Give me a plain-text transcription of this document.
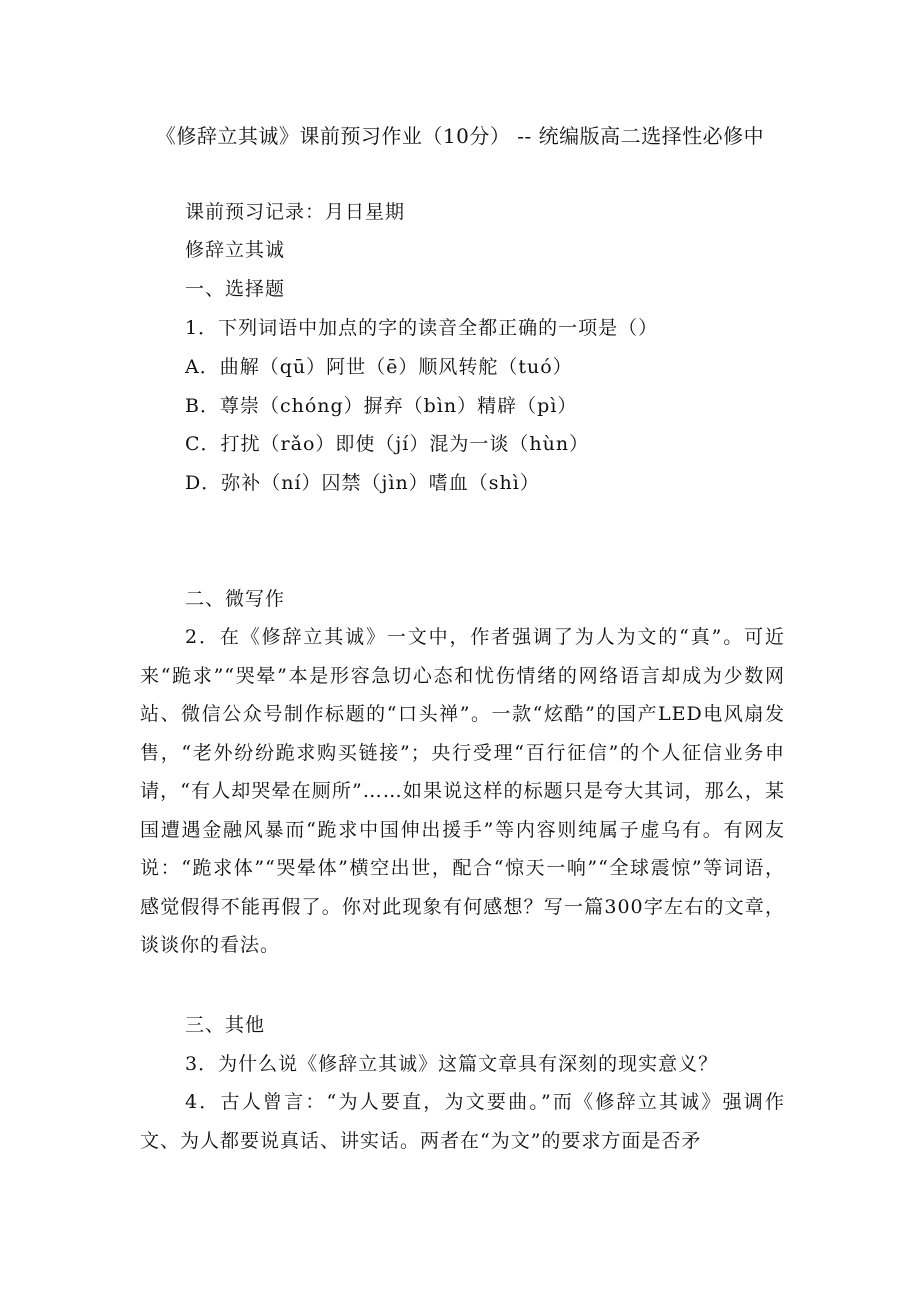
《修辞立其诚》课前预习作业（10分） -- 统编版高二选择性必修中
课前预习记录：月日星期
修辞立其诚
一、选择题
1．下列词语中加点的字的读音全都正确的一项是（）
A．曲解（qū）阿世（ē）顺风转舵（tuó）
B．尊崇（chóng）摒弃（bìn）精辟（pì）
C．打扰（rǎo）即使（jí）混为一谈（hùn）
D．弥补（ní）囚禁（jìn）嗜血（shì）
二、微写作
2．在《修辞立其诚》一文中，作者强调了为人为文的“真”。可近来“跪求”“哭晕”本是形容急切心态和忧伤情绪的网络语言却成为少数网站、微信公众号制作标题的“口头禅”。一款“炫酷”的国产LED电风扇发售，“老外纷纷跪求购买链接”；央行受理“百行征信”的个人征信业务申请，“有人却哭晕在厕所”……如果说这样的标题只是夸大其词，那么，某国遭遇金融风暴而“跪求中国伸出援手”等内容则纯属子虚乌有。有网友说：“跪求体”“哭晕体”横空出世，配合“惊天一响”“全球震惊”等词语，感觉假得不能再假了。你对此现象有何感想？写一篇300字左右的文章，谈谈你的看法。
三、其他
3．为什么说《修辞立其诚》这篇文章具有深刻的现实意义？
4．古人曾言：“为人要直，为文要曲。”而《修辞立其诚》强调作文、为人都要说真话、讲实话。两者在“为文”的要求方面是否矛
